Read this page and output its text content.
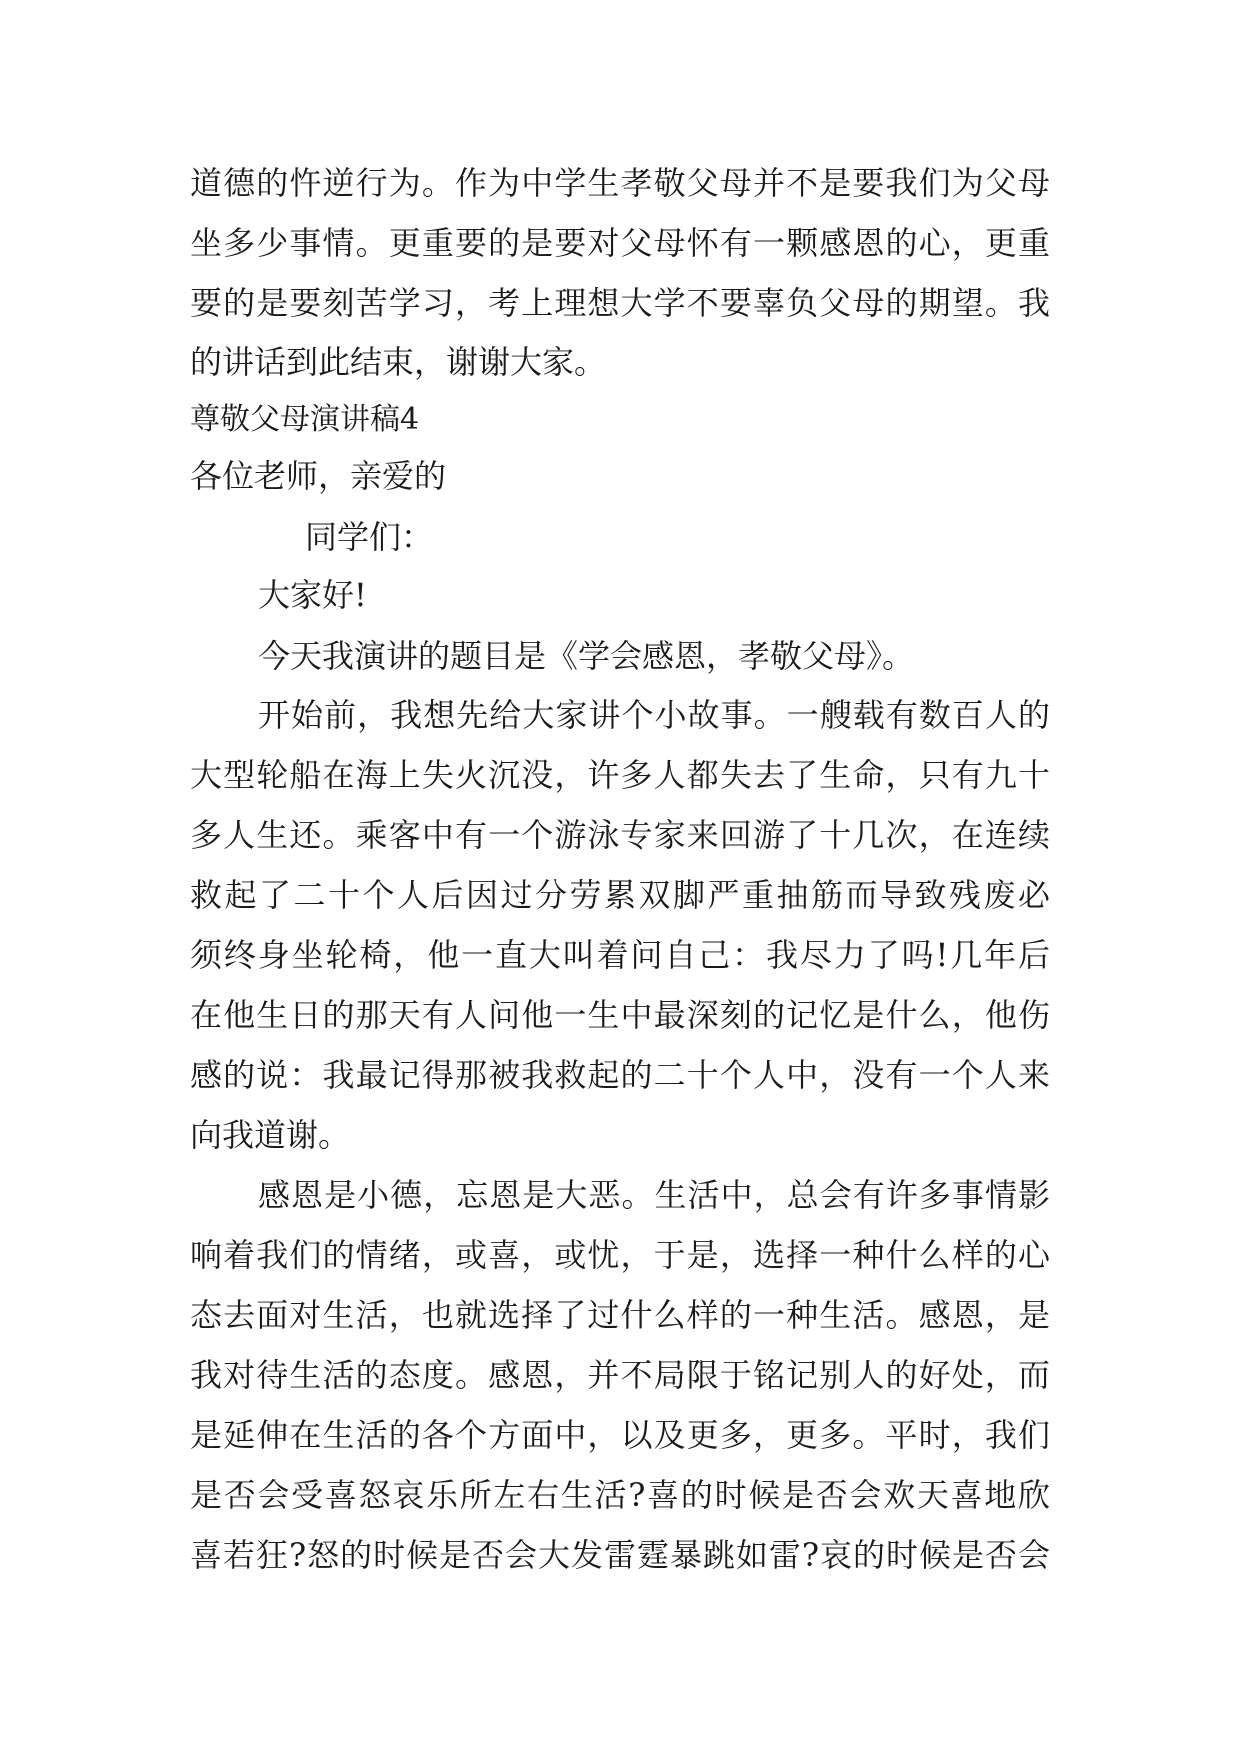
道德的忤逆行为。作为中学生孝敬父母并不是要我们为父母
坐多少事情。更重要的是要对父母怀有一颗感恩的心，更重
要的是要刻苦学习，考上理想大学不要辜负父母的期望。我
的讲话到此结束，谢谢大家。
尊敬父母演讲稿4
各位老师，亲爱的
同学们：
大家好!
今天我演讲的题目是《学会感恩，孝敬父母》。
开始前，我想先给大家讲个小故事。一艘载有数百人的
大型轮船在海上失火沉没，许多人都失去了生命，只有九十
多人生还。乘客中有一个游泳专家来回游了十几次，在连续
救起了二十个人后因过分劳累双脚严重抽筋而导致残废必
须终身坐轮椅，他一直大叫着问自己：我尽力了吗!几年后
在他生日的那天有人问他一生中最深刻的记忆是什么，他伤
感的说：我最记得那被我救起的二十个人中，没有一个人来
向我道谢。
感恩是小德，忘恩是大恶。生活中，总会有许多事情影
响着我们的情绪，或喜，或忧，于是，选择一种什么样的心
态去面对生活，也就选择了过什么样的一种生活。感恩，是
我对待生活的态度。感恩，并不局限于铭记别人的好处，而
是延伸在生活的各个方面中，以及更多，更多。平时，我们
是否会受喜怒哀乐所左右生活?喜的时候是否会欢天喜地欣
喜若狂?怒的时候是否会大发雷霆暴跳如雷?哀的时候是否会
